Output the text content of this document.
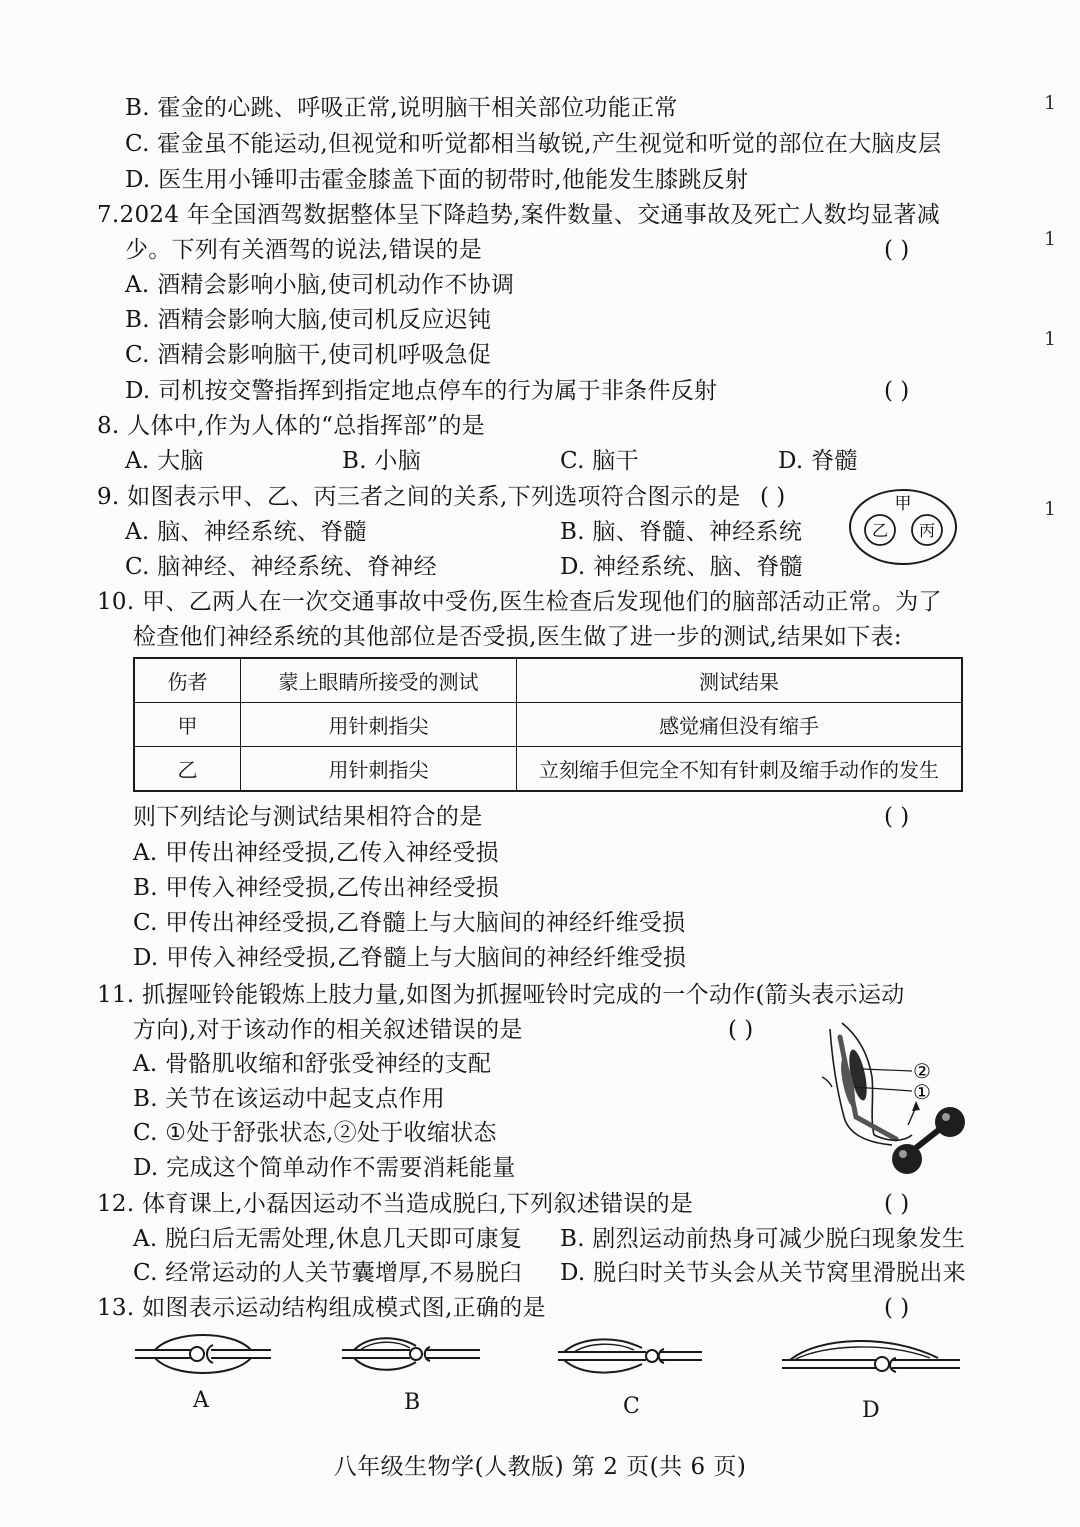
1
1
1
1
B. 霍金的心跳、呼吸正常,说明脑干相关部位功能正常
C. 霍金虽不能运动,但视觉和听觉都相当敏锐,产生视觉和听觉的部位在大脑皮层
D. 医生用小锤叩击霍金膝盖下面的韧带时,他能发生膝跳反射
7.2024 年全国酒驾数据整体呈下降趋势,案件数量、交通事故及死亡人数均显著减
少。下列有关酒驾的说法,错误的是	( )
A. 酒精会影响小脑,使司机动作不协调
B. 酒精会影响大脑,使司机反应迟钝
C. 酒精会影响脑干,使司机呼吸急促
D. 司机按交警指挥到指定地点停车的行为属于非条件反射	( )
8. 人体中,作为人体的“总指挥部”的是
A. 大脑	B. 小脑	C. 脑干	D. 脊髓
9. 如图表示甲、乙、丙三者之间的关系,下列选项符合图示的是 ( )
A. 脑、神经系统、脊髓	B. 脑、脊髓、神经系统
C. 脑神经、神经系统、脊神经	D. 神经系统、脑、脊髓
甲
乙 丙
10. 甲、乙两人在一次交通事故中受伤,医生检查后发现他们的脑部活动正常。为了
检查他们神经系统的其他部位是否受损,医生做了进一步的测试,结果如下表:
伤者	蒙上眼睛所接受的测试	测试结果
甲	用针刺指尖	感觉痛但没有缩手
乙	用针刺指尖	立刻缩手但完全不知有针刺及缩手动作的发生
则下列结论与测试结果相符合的是	( )
A. 甲传出神经受损,乙传入神经受损
B. 甲传入神经受损,乙传出神经受损
C. 甲传出神经受损,乙脊髓上与大脑间的神经纤维受损
D. 甲传入神经受损,乙脊髓上与大脑间的神经纤维受损
11. 抓握哑铃能锻炼上肢力量,如图为抓握哑铃时完成的一个动作(箭头表示运动
方向),对于该动作的相关叙述错误的是	( )
A. 骨骼肌收缩和舒张受神经的支配
B. 关节在该运动中起支点作用
C. ①处于舒张状态,②处于收缩状态
D. 完成这个简单动作不需要消耗能量
②
①
12. 体育课上,小磊因运动不当造成脱臼,下列叙述错误的是	( )
A. 脱臼后无需处理,休息几天即可康复 B. 剧烈运动前热身可减少脱臼现象发生
C. 经常运动的人关节囊增厚,不易脱臼 D. 脱臼时关节头会从关节窝里滑脱出来
13. 如图表示运动结构组成模式图,正确的是	( )
A	B	C	D
八年级生物学(人教版) 第 2 页(共 6 页)
